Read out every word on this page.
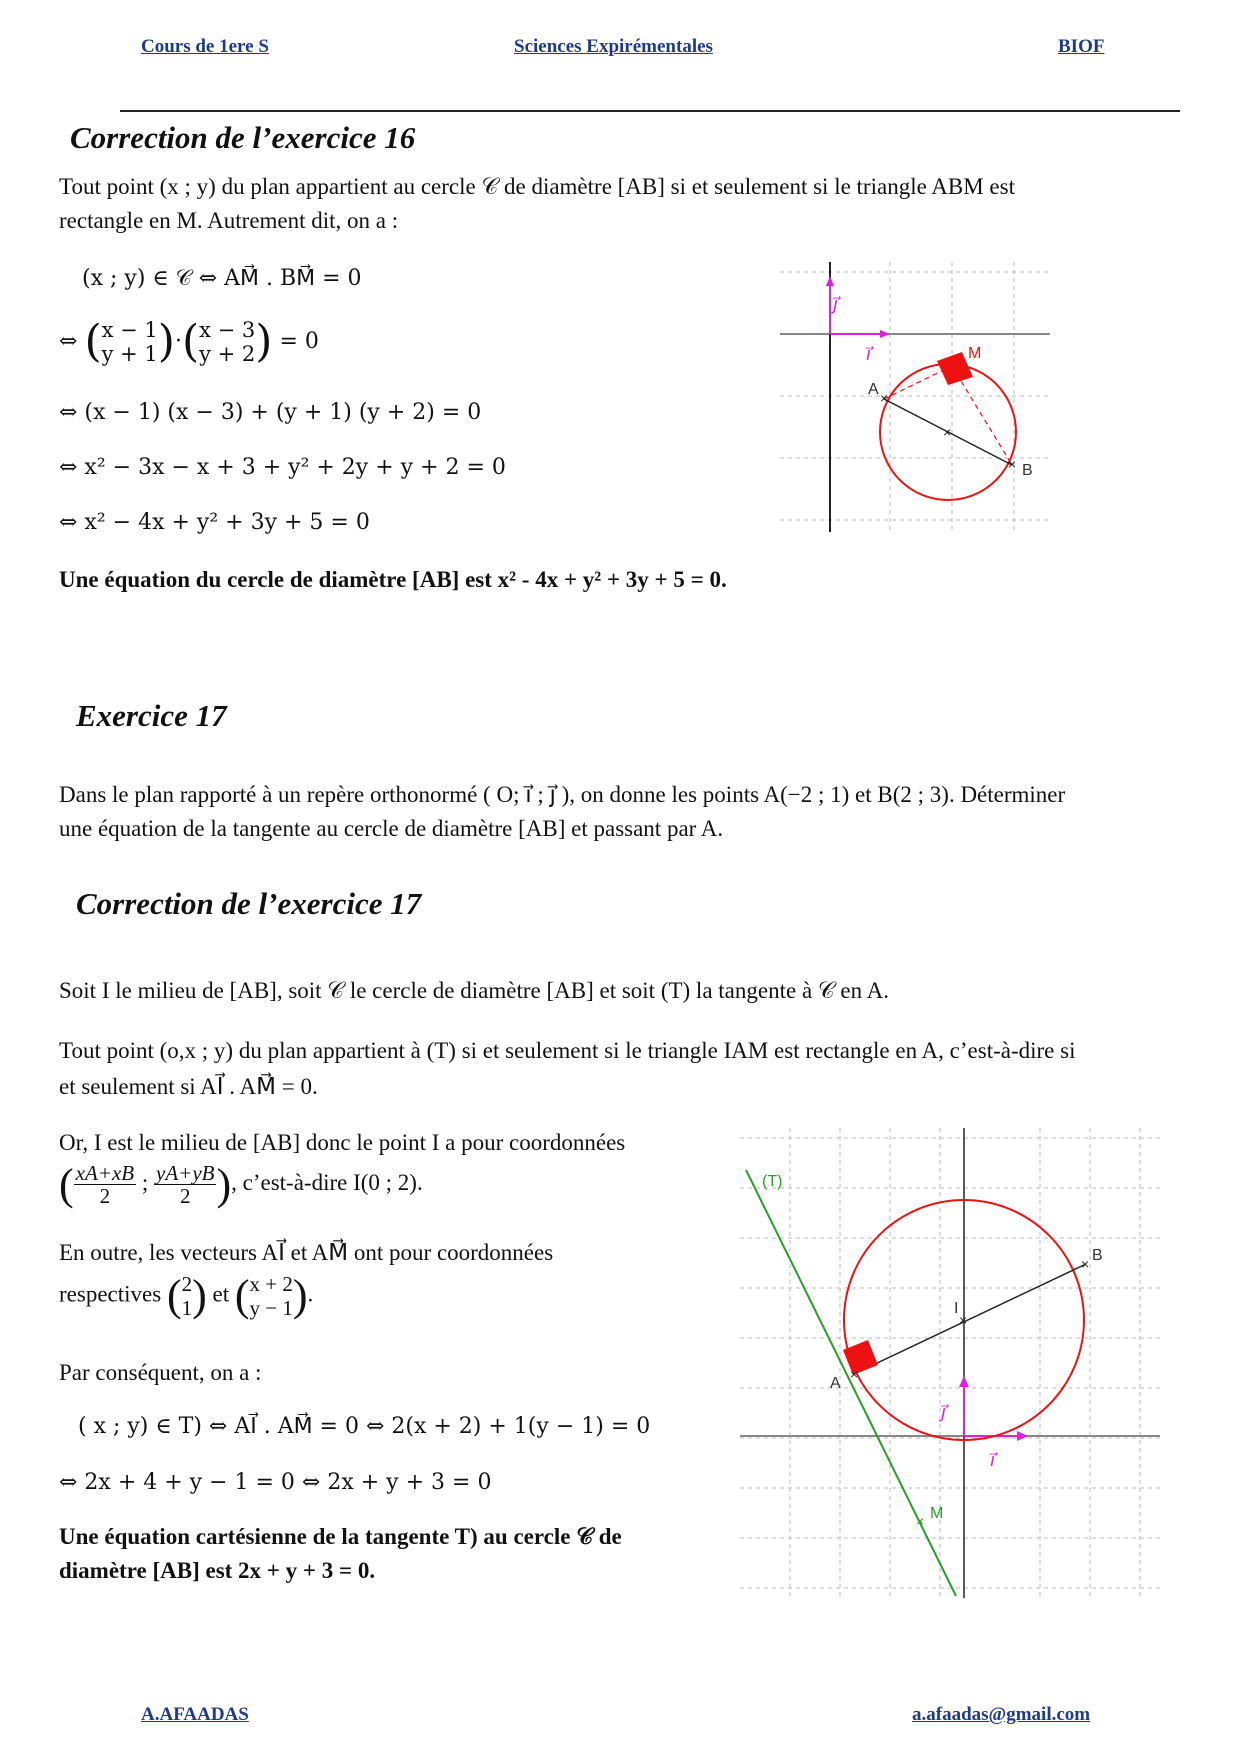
Cours de 1ere S	Sciences Expirémentales	BIOF
Correction de l’exercice 16
Tout point (x ; y) du plan appartient au cercle 𝒞 de diamètre [AB] si et seulement si le triangle ABM est
rectangle en M. Autrement dit, on a :
(x ; y) ∈ 𝒞 ⇔ AM⃗ . BM⃗ = 0
⇔ (x − 1
y + 1)·(x − 3
y + 2) = 0
⇔ (x − 1) (x − 3) + (y + 1) (y + 2) = 0
⇔ x² − 3x − x + 3 + y² + 2y + y + 2 = 0
⇔ x² − 4x + y² + 3y + 5 = 0
Une équation du cercle de diamètre [AB] est x² - 4x + y² + 3y + 5 = 0.
i⃗
j⃗
×
×
×
A
B
M
Exercice 17
Dans le plan rapporté à un repère orthonormé ( O; i⃗ ; j⃗ ), on donne les points A(−2 ; 1) et B(2 ; 3). Déterminer
une équation de la tangente au cercle de diamètre [AB] et passant par A.
Correction de l’exercice 17
Soit I le milieu de [AB], soit 𝒞 le cercle de diamètre [AB] et soit (T) la tangente à 𝒞 en A.
Tout point (o,x ; y) du plan appartient à (T) si et seulement si le triangle IAM est rectangle en A, c’est-à-dire si
et seulement si AI⃗ . AM⃗ = 0.
Or, I est le milieu de [AB] donc le point I a pour coordonnées
( $\frac{xA+xB}{2}$ ; $\frac{yA+yB}{2}$ ), c’est-à-dire I(0 ; 2).
En outre, les vecteurs AI⃗ et AM⃗ ont pour coordonnées
respectives (2
1) et (x + 2
y − 1).
Par conséquent, on a :
( x ; y) ∈ T) ⇔ AI⃗ . AM⃗ = 0 ⇔ 2(x + 2) + 1(y − 1) = 0
⇔ 2x + 4 + y − 1 = 0 ⇔ 2x + y + 3 = 0
Une équation cartésienne de la tangente T) au cercle 𝒞 de
diamètre [AB] est 2x + y + 3 = 0.
i⃗
j⃗
×
×
×
×
(T)
A
B
I
M
A.AFAADAS	a.afaadas@gmail.com
